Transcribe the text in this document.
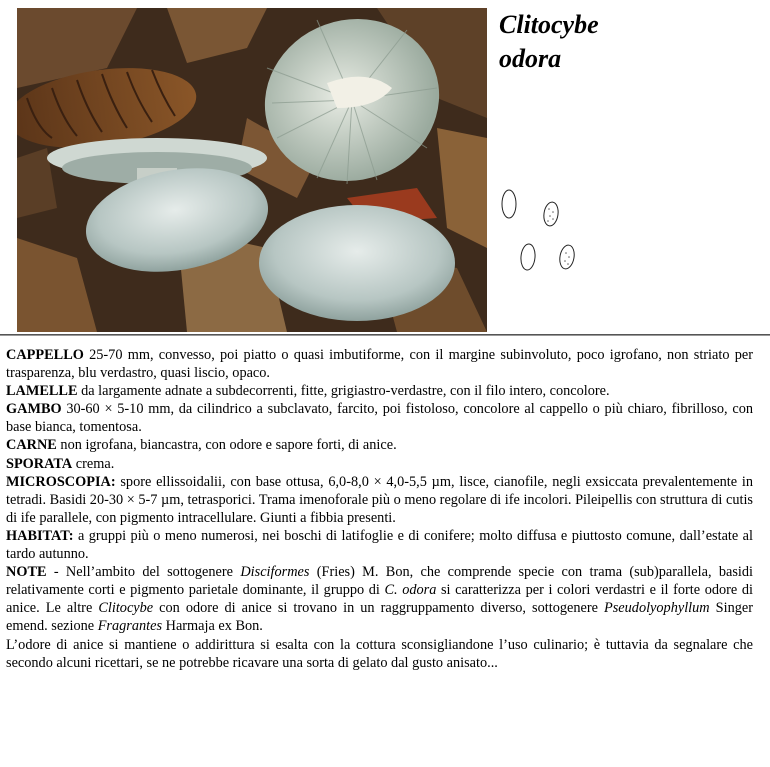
Clitocybe
odora

CAPPELLO 25-70 mm, convesso, poi piatto o quasi imbutiforme, con il margine subinvoluto, poco igrofano, non striato per trasparenza, blu verdastro, quasi liscio, opaco.

LAMELLE da largamente adnate a subdecorrenti, fitte, grigiastro-verdastre, con il filo intero, concolore.

GAMBO 30-60 × 5-10 mm, da cilindrico a subclavato, farcito, poi fistoloso, concolore al cappello o più chiaro, fibrilloso, con base bianca, tomentosa.

CARNE non igrofana, biancastra, con odore e sapore forti, di anice.

SPORATA crema.

MICROSCOPIA: spore ellissoidalii, con base ottusa, 6,0-8,0 × 4,0-5,5 µm, lisce, cianofile, negli exsiccata prevalentemente in tetradi. Basidi 20-30 × 5-7 µm, tetrasporici. Trama imenoforale più o meno regolare di ife incolori. Pileipellis con struttura di cutis di ife parallele, con pigmento intracellulare. Giunti a fibbia presenti.

HABITAT: a gruppi più o meno numerosi, nei boschi di latifoglie e di conifere; molto diffusa e piuttosto comune, dall’estate al tardo autunno.

NOTE - Nell’ambito del sottogenere Disciformes (Fries) M. Bon, che comprende specie con trama (sub)parallela, basidi relativamente corti e pigmento parietale dominante, il gruppo di C. odora si caratterizza per i colori verdastri e il forte odore di anice. Le altre Clitocybe con odore di anice si trovano in un raggruppamento diverso, sottogenere Pseudolyophyllum Singer emend. sezione Fragrantes Harmaja ex Bon.

L’odore di anice si mantiene o addirittura si esalta con la cottura sconsigliandone l’uso culinario; è tuttavia da segnalare che secondo alcuni ricettari, se ne potrebbe ricavare una sorta di gelato dal gusto anisato...
